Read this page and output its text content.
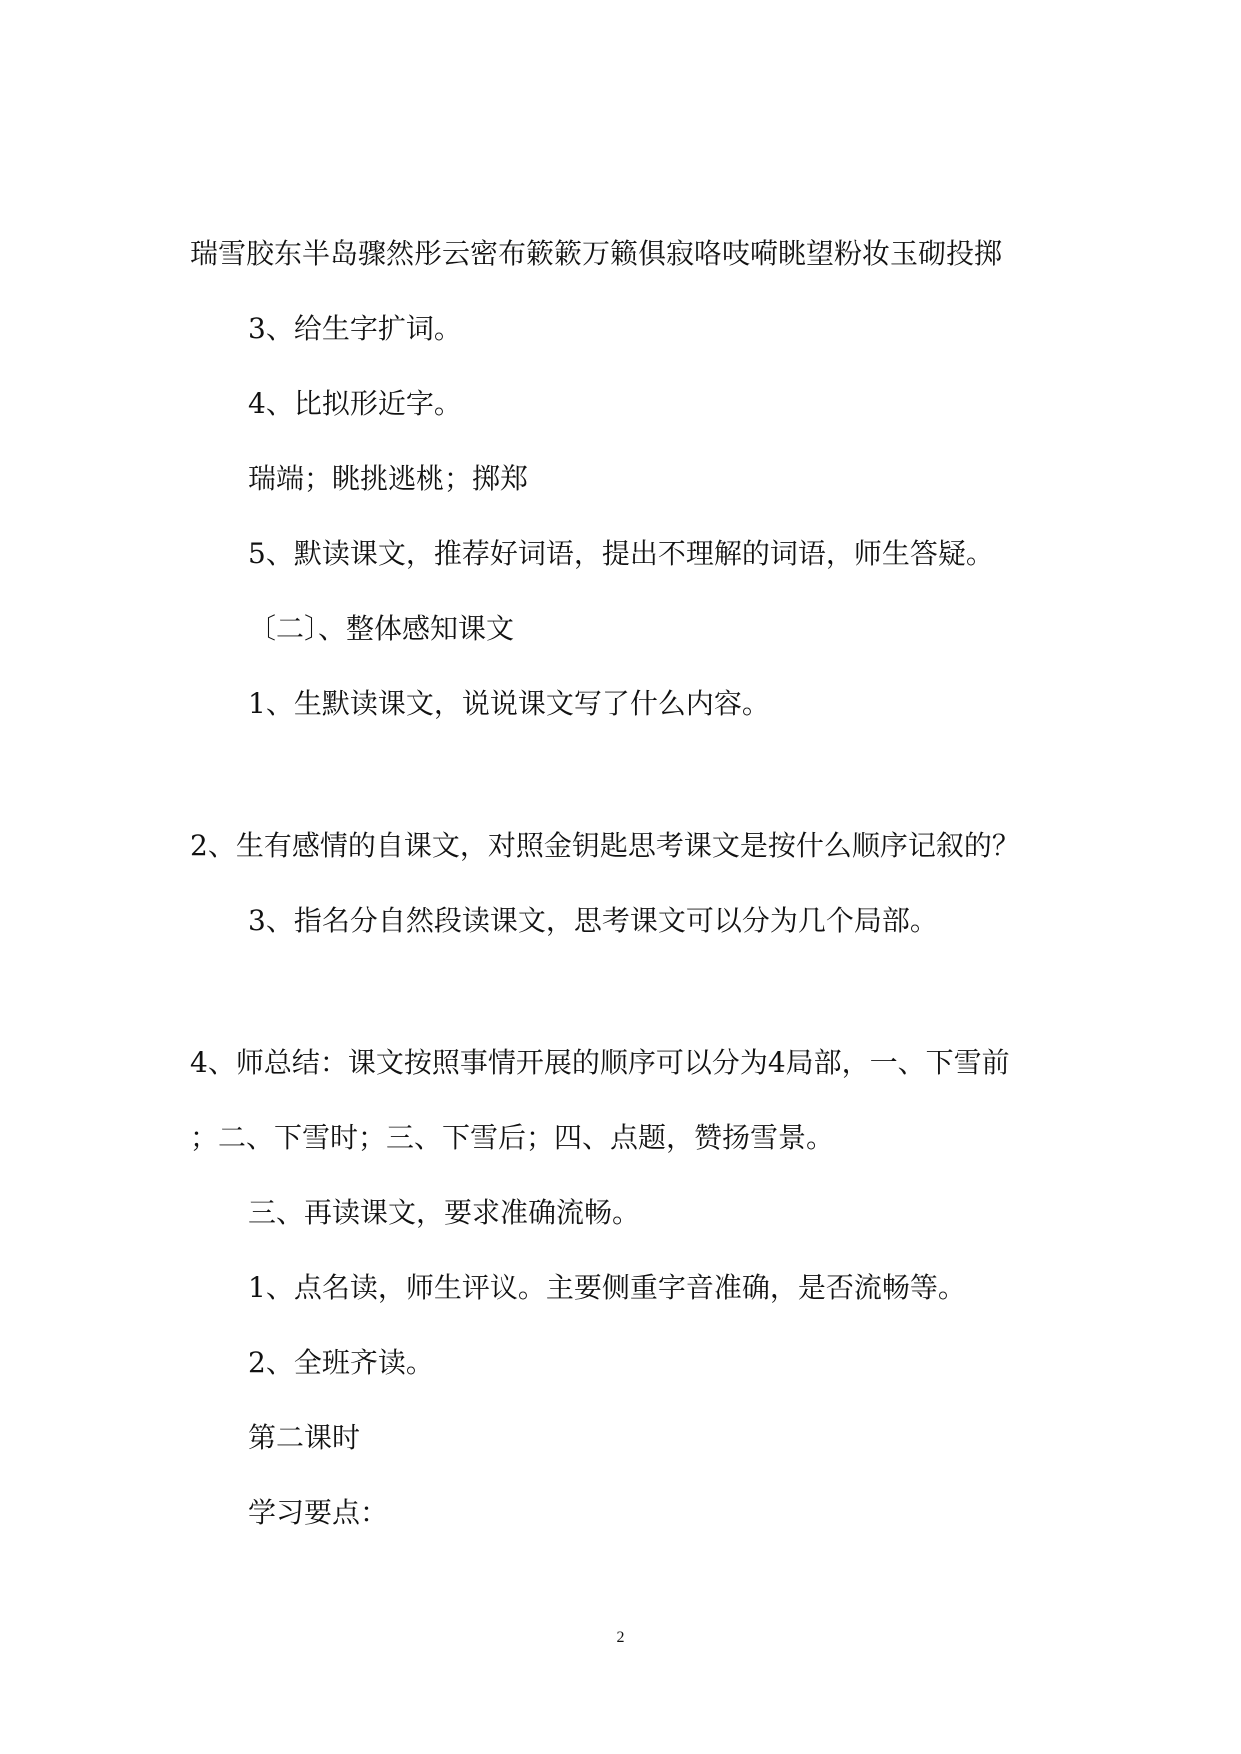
瑞雪胶东半岛骤然彤云密布簌簌万籁俱寂咯吱嗬眺望粉妆玉砌投掷
3、给生字扩词。
4、比拟形近字。
瑞端；眺挑逃桃；掷郑
5、默读课文，推荐好词语，提出不理解的词语，师生答疑。
〔二〕、整体感知课文
1、生默读课文，说说课文写了什么内容。
2、生有感情的自课文，对照金钥匙思考课文是按什么顺序记叙的？
3、指名分自然段读课文，思考课文可以分为几个局部。
4、师总结：课文按照事情开展的顺序可以分为4局部，一、下雪前
；二、下雪时；三、下雪后；四、点题，赞扬雪景。
三、再读课文，要求准确流畅。
1、点名读，师生评议。主要侧重字音准确，是否流畅等。
2、全班齐读。
第二课时
学习要点：
2
